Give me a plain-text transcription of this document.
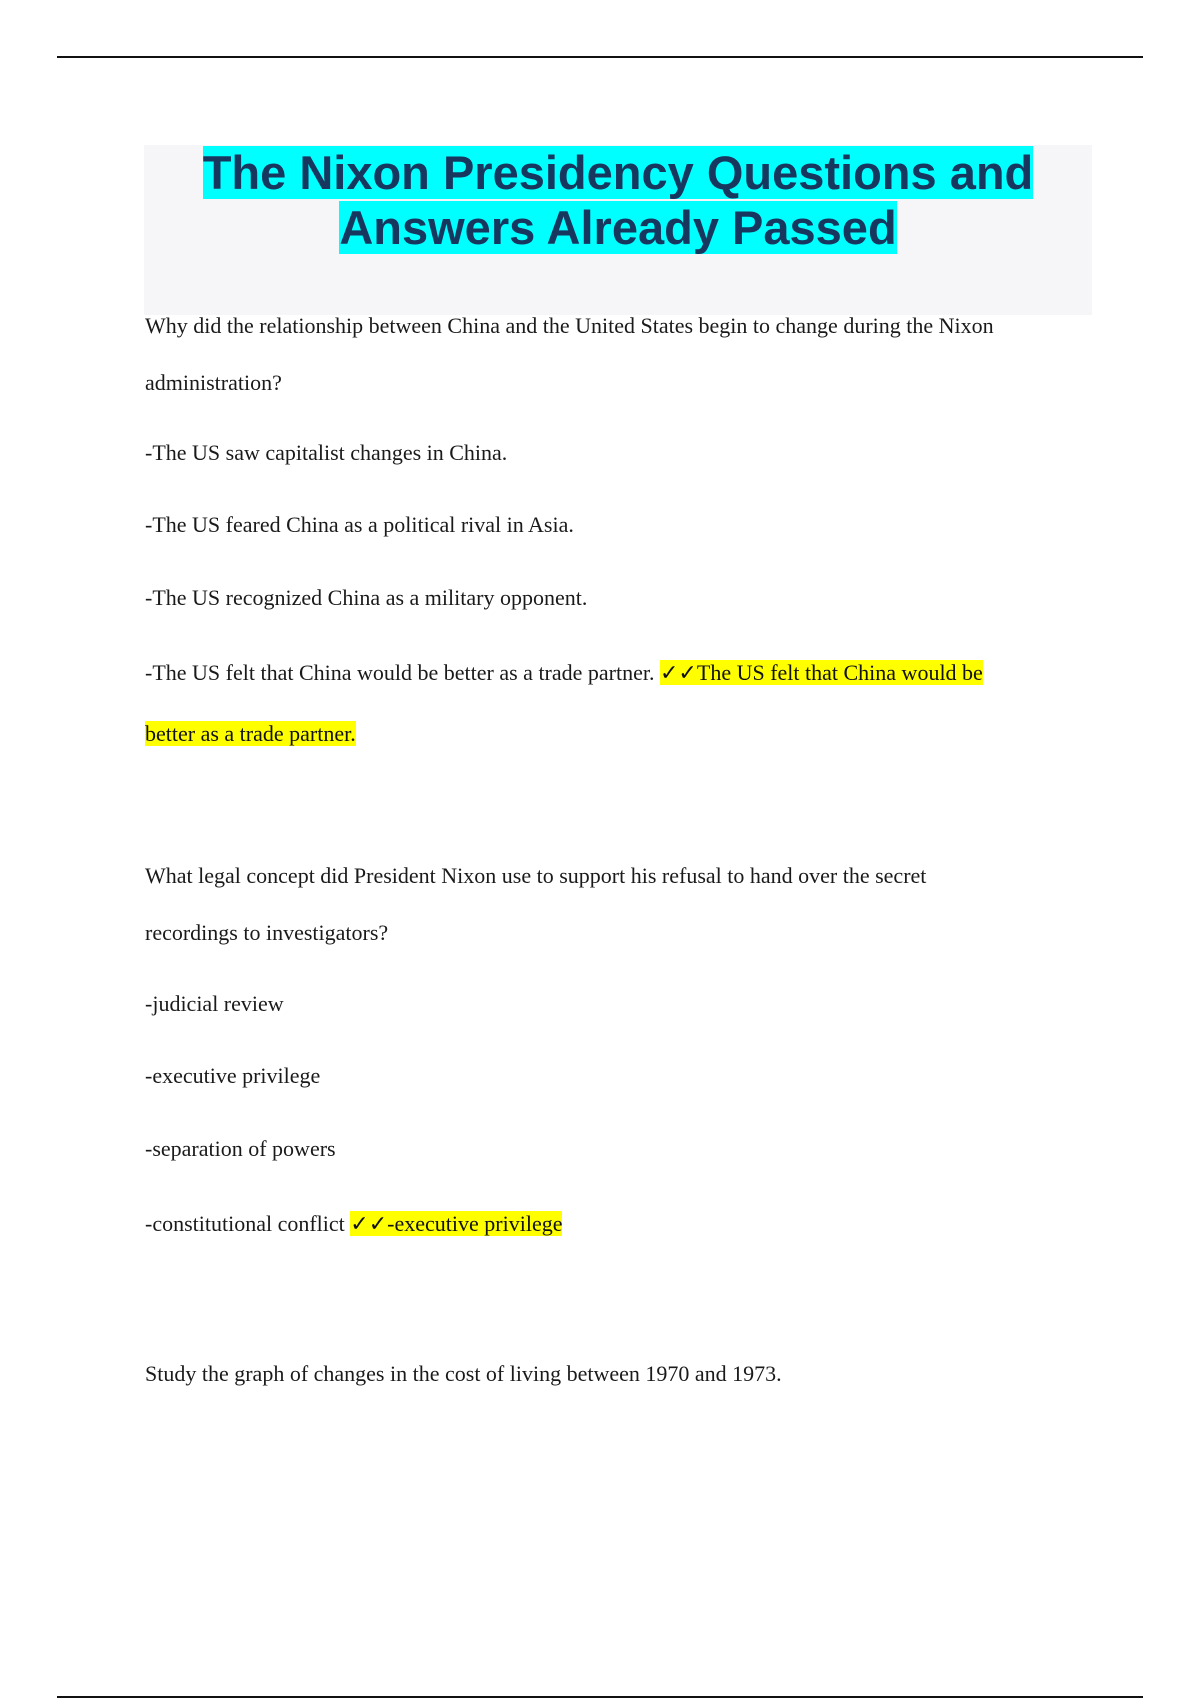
The Nixon Presidency Questions and
Answers Already Passed

Why did the relationship between China and the United States begin to change during the Nixon

administration?

-The US saw capitalist changes in China.

-The US feared China as a political rival in Asia.

-The US recognized China as a military opponent.

-The US felt that China would be better as a trade partner. ✓✓The US felt that China would be

better as a trade partner.

What legal concept did President Nixon use to support his refusal to hand over the secret

recordings to investigators?

-judicial review

-executive privilege

-separation of powers

-constitutional conflict ✓✓-executive privilege

Study the graph of changes in the cost of living between 1970 and 1973.
